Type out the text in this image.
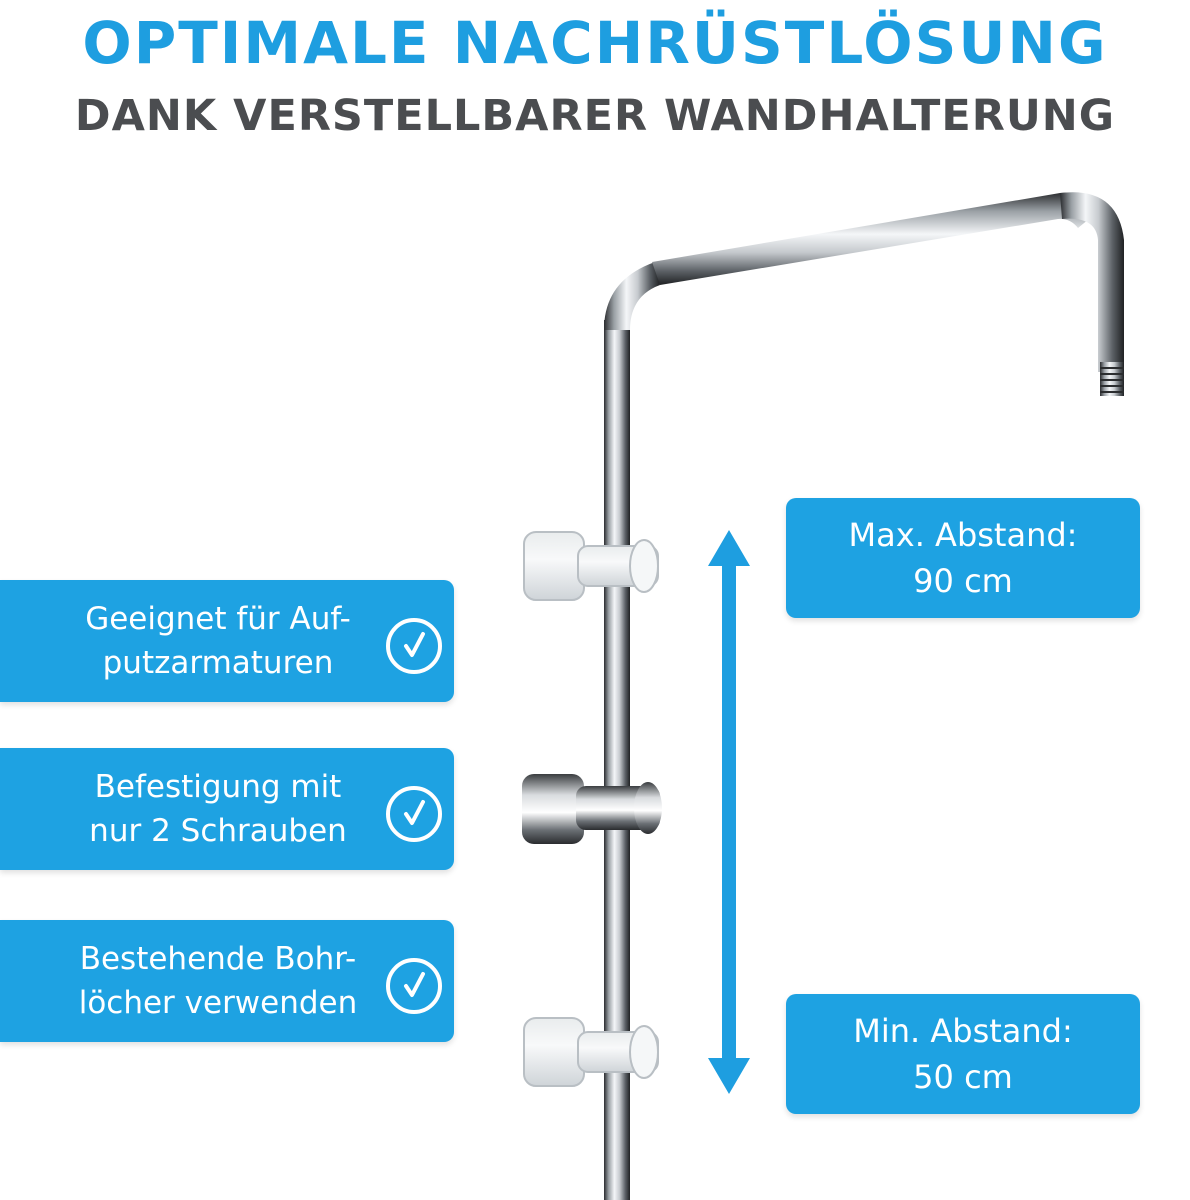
OPTIMALE NACHRÜSTLÖSUNG
DANK VERSTELLBARER WANDHALTERUNG
Geeignet für Auf-
putzarmaturen
Befestigung mit
nur 2 Schrauben
Bestehende Bohr-
löcher verwenden
Max. Abstand:
90 cm
Min. Abstand:
50 cm
